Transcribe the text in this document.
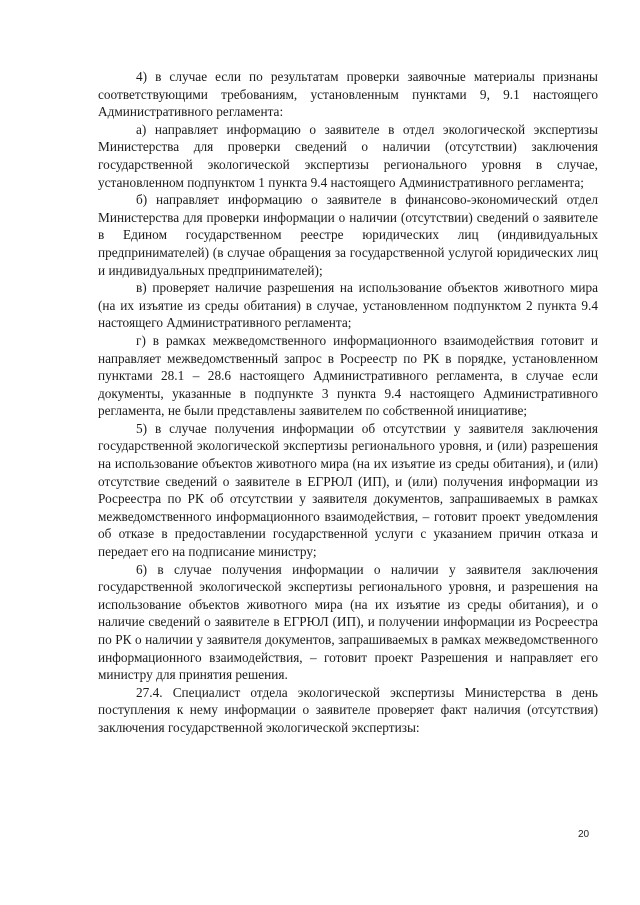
4) в случае если по результатам проверки заявочные материалы признаны соответствующими требованиям, установленным пунктами 9, 9.1 настоящего Административного регламента:

а) направляет информацию о заявителе в отдел экологической экспертизы Министерства для проверки сведений о наличии (отсутствии) заключения государственной экологической экспертизы регионального уровня в случае, установленном подпунктом 1 пункта 9.4 настоящего Административного регламента;

б) направляет информацию о заявителе в финансово-экономический отдел Министерства для проверки информации о наличии (отсутствии) сведений о заявителе в Едином государственном реестре юридических лиц (индивидуальных предпринимателей) (в случае обращения за государственной услугой юридических лиц и индивидуальных предпринимателей);

в) проверяет наличие разрешения на использование объектов животного мира (на их изъятие из среды обитания) в случае, установленном подпунктом 2 пункта 9.4 настоящего Административного регламента;

г) в рамках межведомственного информационного взаимодействия готовит и направляет межведомственный запрос в Росреестр по РК в порядке, установленном пунктами 28.1 – 28.6 настоящего Административного регламента, в случае если документы, указанные в подпункте 3 пункта 9.4 настоящего Административного регламента, не были представлены заявителем по собственной инициативе;

5) в случае получения информации об отсутствии у заявителя заключения государственной экологической экспертизы регионального уровня, и (или) разрешения на использование объектов животного мира (на их изъятие из среды обитания), и (или) отсутствие сведений о заявителе в ЕГРЮЛ (ИП), и (или) получения информации из Росреестра по РК об отсутствии у заявителя документов, запрашиваемых в рамках межведомственного информационного взаимодействия, – готовит проект уведомления об отказе в предоставлении государственной услуги с указанием причин отказа и передает его на подписание министру;

6) в случае получения информации о наличии у заявителя заключения государственной экологической экспертизы регионального уровня, и разрешения на использование объектов животного мира (на их изъятие из среды обитания), и о наличие сведений о заявителе в ЕГРЮЛ (ИП), и получении информации из Росреестра по РК о наличии у заявителя документов, запрашиваемых в рамках межведомственного информационного взаимодействия, – готовит проект Разрешения и направляет его министру для принятия решения.

27.4. Специалист отдела экологической экспертизы Министерства в день поступления к нему информации о заявителе проверяет факт наличия (отсутствия) заключения государственной экологической экспертизы:

20
